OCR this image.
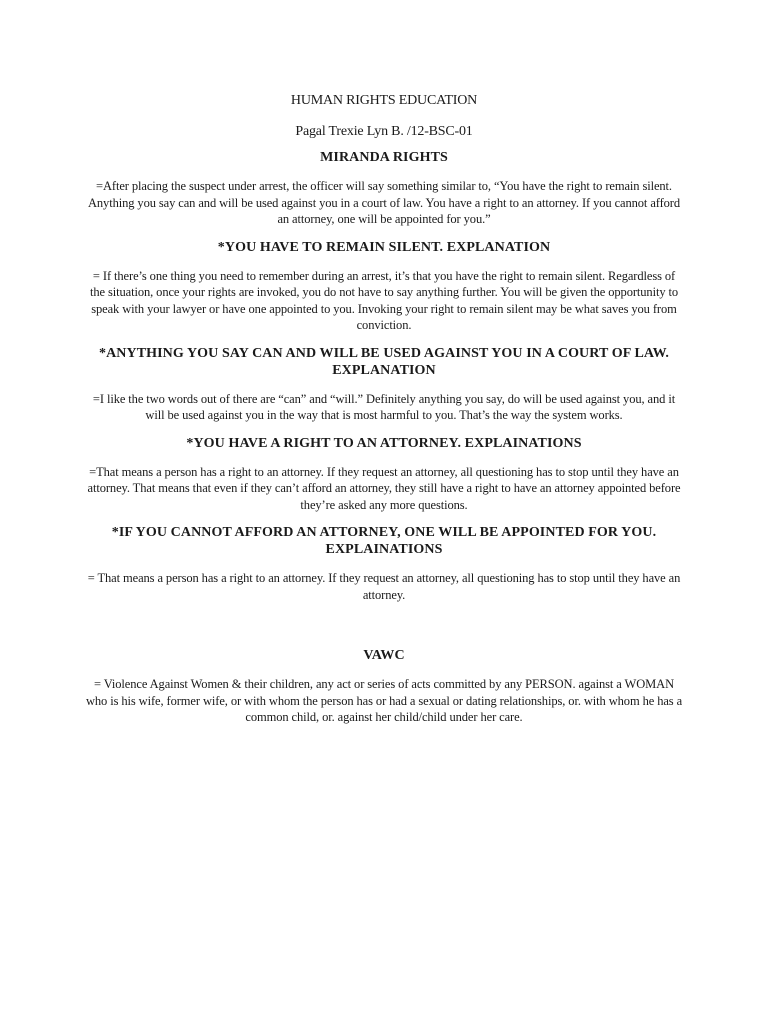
HUMAN RIGHTS EDUCATION

Pagal Trexie Lyn B. /12-BSC-01

MIRANDA RIGHTS

=After placing the suspect under arrest, the officer will say something similar to, “You have the right to remain silent. Anything you say can and will be used against you in a court of law. You have a right to an attorney. If you cannot afford an attorney, one will be appointed for you.”

*YOU HAVE TO REMAIN SILENT. EXPLANATION

= If there’s one thing you need to remember during an arrest, it’s that you have the right to remain silent. Regardless of the situation, once your rights are invoked, you do not have to say anything further. You will be given the opportunity to speak with your lawyer or have one appointed to you. Invoking your right to remain silent may be what saves you from conviction.

*ANYTHING YOU SAY CAN AND WILL BE USED AGAINST YOU IN A COURT OF LAW. EXPLANATION

=I like the two words out of there are “can” and “will.” Definitely anything you say, do will be used against you, and it will be used against you in the way that is most harmful to you. That’s the way the system works.

*YOU HAVE A RIGHT TO AN ATTORNEY. EXPLAINATIONS

=That means a person has a right to an attorney. If they request an attorney, all questioning has to stop until they have an attorney. That means that even if they can’t afford an attorney, they still have a right to have an attorney appointed before they’re asked any more questions.

*IF YOU CANNOT AFFORD AN ATTORNEY, ONE WILL BE APPOINTED FOR YOU. EXPLAINATIONS

= That means a person has a right to an attorney. If they request an attorney, all questioning has to stop until they have an attorney.

VAWC

= Violence Against Women & their children, any act or series of acts committed by any PERSON. against a WOMAN who is his wife, former wife, or with whom the person has or had a sexual or dating relationships, or. with whom he has a common child, or. against her child/child under her care.
